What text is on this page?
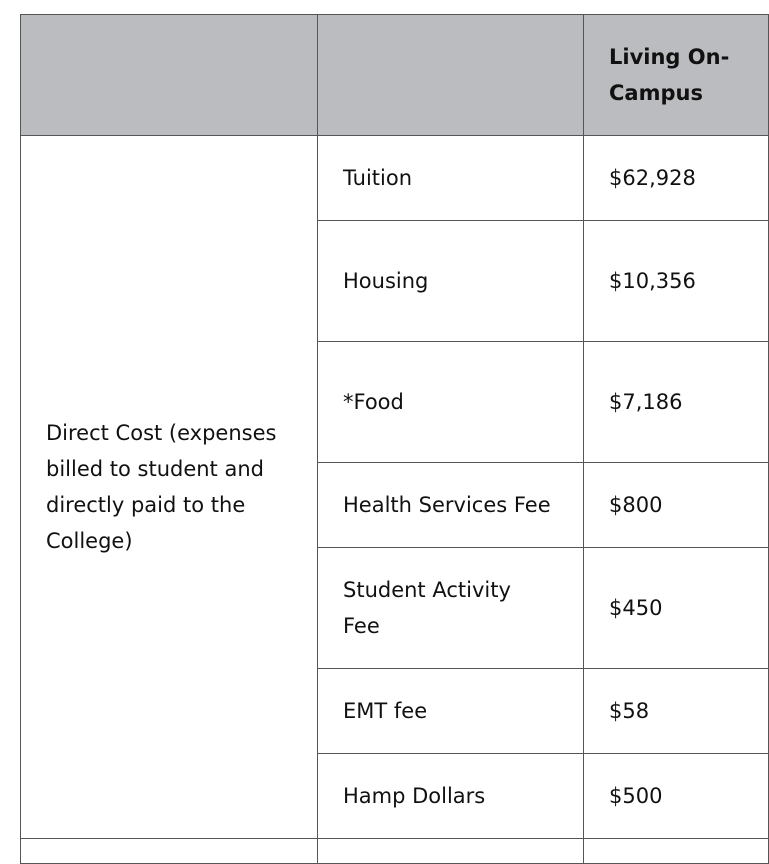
		Living On-Campus	

Direct Cost (expenses billed to student and directly paid to the College)	Tuition	$62,928	

	Housing	$10,356	

	*Food	$7,186	

	Health Services Fee	$800	

	Student Activity Fee	$450	

	EMT fee	$58	

	Hamp Dollars	$500	
